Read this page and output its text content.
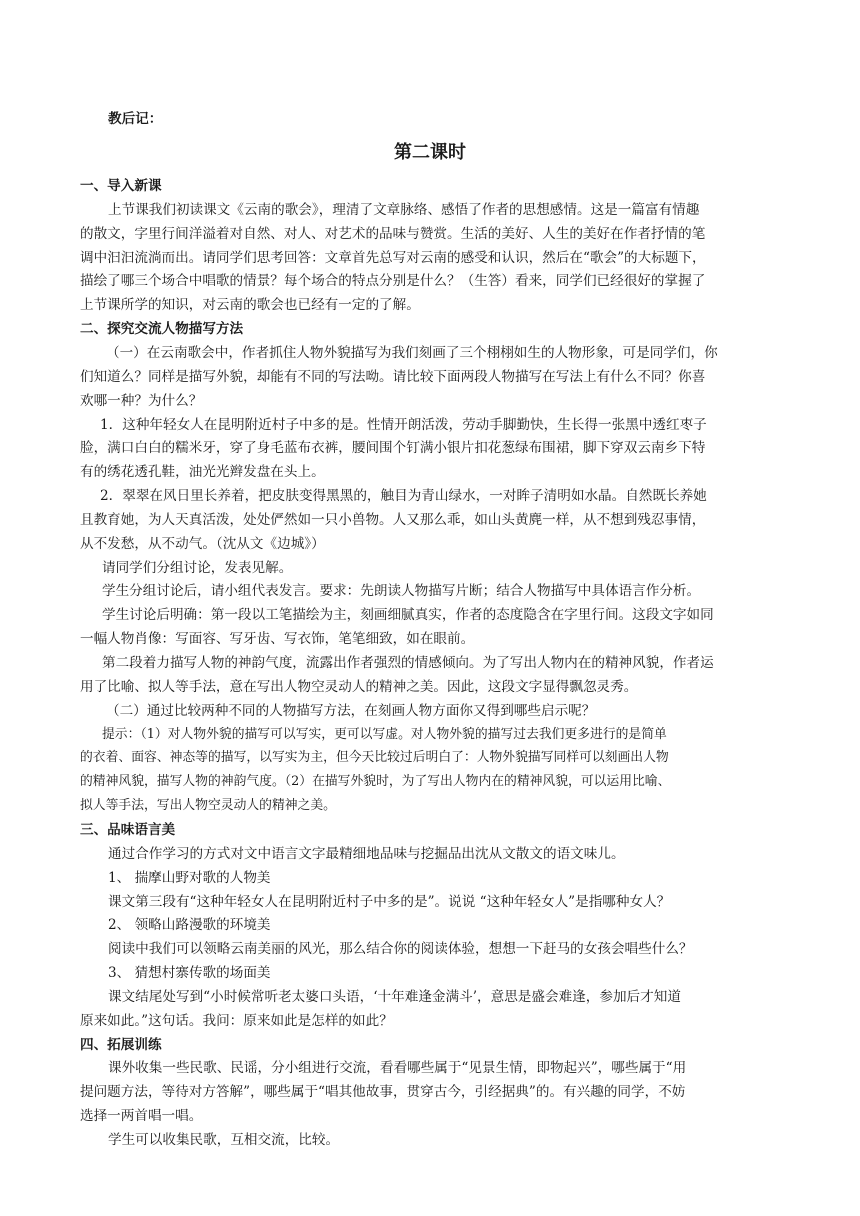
教后记：
第二课时
一、导入新课
上节课我们初读课文《云南的歌会》，理清了文章脉络、感悟了作者的思想感情。这是一篇富有情趣
的散文，字里行间洋溢着对自然、对人、对艺术的品味与赞赏。生活的美好、人生的美好在作者抒情的笔
调中汩汩流淌而出。请同学们思考回答：文章首先总写对云南的感受和认识，然后在“歌会”的大标题下，
描绘了哪三个场合中唱歌的情景？每个场合的特点分别是什么？（生答）看来，同学们已经很好的掌握了
上节课所学的知识，对云南的歌会也已经有一定的了解。
二、探究交流人物描写方法
（一）在云南歌会中，作者抓住人物外貌描写为我们刻画了三个栩栩如生的人物形象，可是同学们，你
们知道么？同样是描写外貌，却能有不同的写法呦。请比较下面两段人物描写在写法上有什么不同？你喜
欢哪一种？为什么？
1．这种年轻女人在昆明附近村子中多的是。性情开朗活泼，劳动手脚勤快，生长得一张黑中透红枣子
脸，满口白白的糯米牙，穿了身毛蓝布衣裤，腰间围个钉满小银片扣花葱绿布围裙，脚下穿双云南乡下特
有的绣花透孔鞋，油光光辫发盘在头上。
2．翠翠在风日里长养着，把皮肤变得黑黑的，触目为青山绿水，一对眸子清明如水晶。自然既长养她
且教育她，为人天真活泼，处处俨然如一只小兽物。人又那么乖，如山头黄麂一样，从不想到残忍事情，
从不发愁，从不动气。（沈从文《边城》）
请同学们分组讨论，发表见解。
学生分组讨论后，请小组代表发言。要求：先朗读人物描写片断；结合人物描写中具体语言作分析。
学生讨论后明确：第一段以工笔描绘为主，刻画细腻真实，作者的态度隐含在字里行间。这段文字如同
一幅人物肖像：写面容、写牙齿、写衣饰，笔笔细致，如在眼前。
第二段着力描写人物的神韵气度，流露出作者强烈的情感倾向。为了写出人物内在的精神风貌，作者运
用了比喻、拟人等手法，意在写出人物空灵动人的精神之美。因此，这段文字显得飘忽灵秀。
（二）通过比较两种不同的人物描写方法，在刻画人物方面你又得到哪些启示呢？
提示：（1）对人物外貌的描写可以写实，更可以写虚。对人物外貌的描写过去我们更多进行的是简单
的衣着、面容、神态等的描写，以写实为主，但今天比较过后明白了：人物外貌描写同样可以刻画出人物
的精神风貌，描写人物的神韵气度。（2）在描写外貌时，为了写出人物内在的精神风貌，可以运用比喻、
拟人等手法，写出人物空灵动人的精神之美。
三、品味语言美
通过合作学习的方式对文中语言文字最精细地品味与挖掘品出沈从文散文的语文味儿。
1、 揣摩山野对歌的人物美
课文第三段有“这种年轻女人在昆明附近村子中多的是”。说说 “这种年轻女人”是指哪种女人？
2、 领略山路漫歌的环境美
阅读中我们可以领略云南美丽的风光，那么结合你的阅读体验，想想一下赶马的女孩会唱些什么？
3、 猜想村寨传歌的场面美
课文结尾处写到“小时候常听老太婆口头语，‘十年难逢金满斗’，意思是盛会难逢，参加后才知道
原来如此。”这句话。我问：原来如此是怎样的如此？
四、拓展训练
课外收集一些民歌、民谣，分小组进行交流，看看哪些属于“见景生情，即物起兴”，哪些属于“用
提问题方法，等待对方答解”，哪些属于“唱其他故事，贯穿古今，引经据典”的。有兴趣的同学，不妨
选择一两首唱一唱。
学生可以收集民歌，互相交流，比较。
